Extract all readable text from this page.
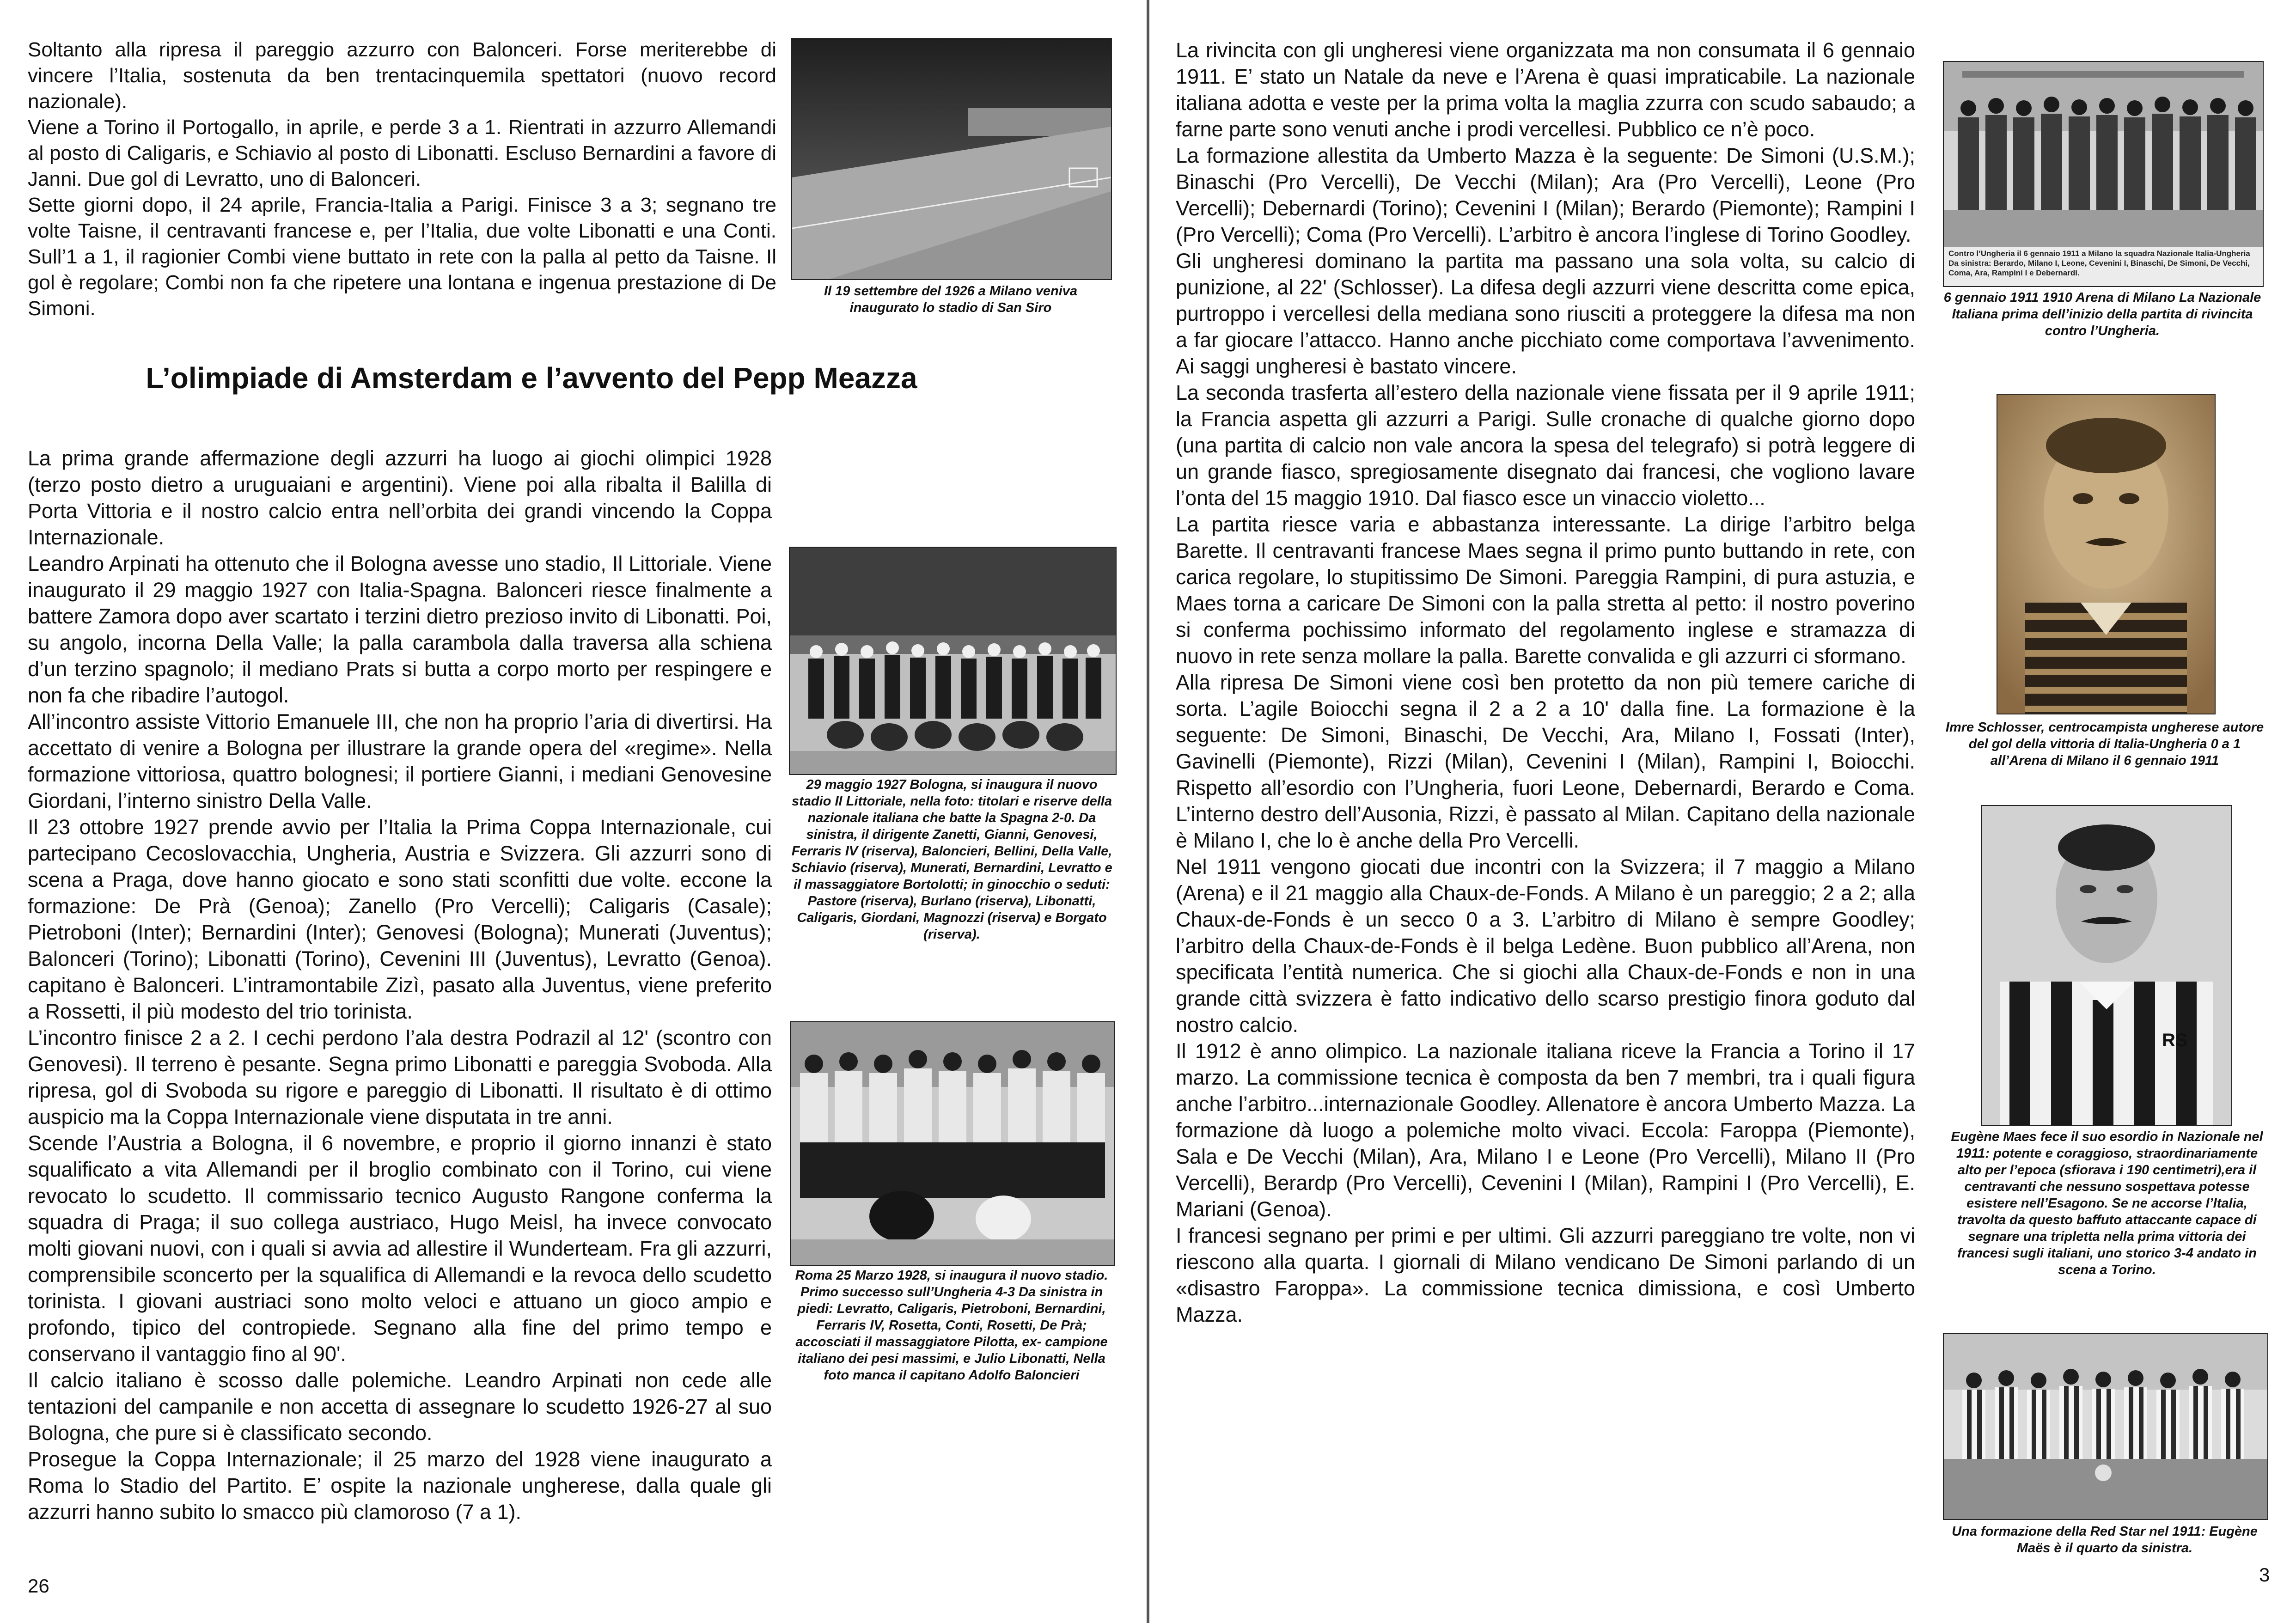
Soltanto alla ripresa il pareggio azzurro con Balonceri. Forse meriterebbe di vincere l’Italia, sostenuta da ben trentacinquemila spettatori (nuovo record nazionale).

Viene a Torino il Portogallo, in aprile, e perde 3 a 1. Rientrati in azzurro Allemandi al posto di Caligaris, e Schiavio al posto di Libonatti. Escluso Bernardini a favore di Janni. Due gol di Levratto, uno di Balonceri.

Sette giorni dopo, il 24 aprile, Francia-Italia a Parigi. Finisce 3 a 3; segnano tre volte Taisne, il centravanti francese e, per l’Italia, due volte Libonatti e una Conti. Sull’1 a 1, il ragionier Combi viene buttato in rete con la palla al petto da Taisne. Il gol è regolare; Combi non fa che ripetere una lontana e ingenua prestazione di De Simoni.

Il 19 settembre del 1926 a Milano veniva inaugurato lo stadio di San Siro

L’olimpiade di Amsterdam e l’avvento del Pepp Meazza

La prima grande affermazione degli azzurri ha luogo ai giochi olimpici 1928 (terzo posto dietro a uruguaiani e argentini). Viene poi alla ribalta il Balilla di Porta Vittoria e il nostro calcio entra nell’orbita dei grandi vincendo la Coppa Internazionale.

Leandro Arpinati ha ottenuto che il Bologna avesse uno stadio, Il Littoriale. Viene inaugurato il 29 maggio 1927 con Italia-Spagna. Balonceri riesce finalmente a battere Zamora dopo aver scartato i terzini dietro prezioso invito di Libonatti. Poi, su angolo, incorna Della Valle; la palla carambola dalla traversa alla schiena d’un terzino spagnolo; il mediano Prats si butta a corpo morto per respingere e non fa che ribadire l’autogol.

All’incontro assiste Vittorio Emanuele III, che non ha proprio l’aria di divertirsi. Ha accettato di venire a Bologna per illustrare la grande opera del «regime». Nella formazione vittoriosa, quattro bolognesi; il portiere Gianni, i mediani Genovesine Giordani, l’interno sinistro Della Valle.

Il 23 ottobre 1927 prende avvio per l’Italia la Prima Coppa Internazionale, cui partecipano Cecoslovacchia, Ungheria, Austria e Svizzera. Gli azzurri sono di scena a Praga, dove hanno giocato e sono stati sconfitti due volte. eccone la formazione: De Prà (Genoa); Zanello (Pro Vercelli); Caligaris (Casale); Pietroboni (Inter); Bernardini (Inter); Genovesi (Bologna); Munerati (Juventus); Balonceri (Torino); Libonatti (Torino), Cevenini III (Juventus), Levratto (Genoa). capitano è Balonceri. L’intramontabile Zizì, pasato alla Juventus, viene preferito a Rossetti, il più modesto del trio torinista.

L’incontro finisce 2 a 2. I cechi perdono l’ala destra Podrazil al 12' (scontro con Genovesi). Il terreno è pesante. Segna primo Libonatti e pareggia Svoboda. Alla ripresa, gol di Svoboda su rigore e pareggio di Libonatti. Il risultato è di ottimo auspicio ma la Coppa Internazionale viene disputata in tre anni.

Scende l’Austria a Bologna, il 6 novembre, e proprio il giorno innanzi è stato squalificato a vita Allemandi per il broglio combinato con il Torino, cui viene revocato lo scudetto. Il commissario tecnico Augusto Rangone conferma la squadra di Praga; il suo collega austriaco, Hugo Meisl, ha invece convocato molti giovani nuovi, con i quali si avvia ad allestire il Wunderteam. Fra gli azzurri, comprensibile sconcerto per la squalifica di Allemandi e la revoca dello scudetto torinista. I giovani austriaci sono molto veloci e attuano un gioco ampio e profondo, tipico del contropiede. Segnano alla fine del primo tempo e conservano il vantaggio fino al 90'.

Il calcio italiano è scosso dalle polemiche. Leandro Arpinati non cede alle tentazioni del campanile e non accetta di assegnare lo scudetto 1926-27 al suo Bologna, che pure si è classificato secondo.

Prosegue la Coppa Internazionale; il 25 marzo del 1928 viene inaugurato a Roma lo Stadio del Partito. E’ ospite la nazionale ungherese, dalla quale gli azzurri hanno subito lo smacco più clamoroso (7 a 1).

29 maggio 1927 Bologna, si inaugura il nuovo stadio Il Littoriale, nella foto: titolari e riserve della nazionale italiana che batte la Spagna 2-0. Da sinistra, il dirigente Zanetti, Gianni, Genovesi, Ferraris IV (riserva), Baloncieri, Bellini, Della Valle, Schiavio (riserva), Munerati, Bernardini, Levratto e il massaggiatore Bortolotti; in ginocchio o seduti: Pastore (riserva), Burlano (riserva), Libonatti, Caligaris, Giordani, Magnozzi (riserva) e Borgato (riserva).

Roma 25 Marzo 1928, si inaugura il nuovo stadio. Primo successo sull’Ungheria 4-3 Da sinistra in piedi: Levratto, Caligaris, Pietroboni, Bernardini, Ferraris IV, Rosetta, Conti, Rosetti, De Prà; accosciati il massaggiatore Pilotta, ex- campione italiano dei pesi massimi, e Julio Libonatti, Nella foto manca il capitano Adolfo Baloncieri

26

La rivincita con gli ungheresi viene organizzata ma non consumata il 6 gennaio 1911. E’ stato un Natale da neve e l’Arena è quasi impraticabile. La nazionale italiana adotta e veste per la prima volta la maglia zzurra con scudo sabaudo; a farne parte sono venuti anche i prodi vercellesi. Pubblico ce n’è poco.

La formazione allestita da Umberto Mazza è la seguente: De Simoni (U.S.M.); Binaschi (Pro Vercelli), De Vecchi (Milan); Ara (Pro Vercelli), Leone (Pro Vercelli); Debernardi (Torino); Cevenini I (Milan); Berardo (Piemonte); Rampini I (Pro Vercelli); Coma (Pro Vercelli). L’arbitro è ancora l’inglese di Torino Goodley.

Gli ungheresi dominano la partita ma passano una sola volta, su calcio di punizione, al 22' (Schlosser). La difesa degli azzurri viene descritta come epica, purtroppo i vercellesi della mediana sono riusciti a proteggere la difesa ma non a far giocare l’attacco. Hanno anche picchiato come comportava l’avvenimento. Ai saggi ungheresi è bastato vincere.

La seconda trasferta all’estero della nazionale viene fissata per il 9 aprile 1911; la Francia aspetta gli azzurri a Parigi. Sulle cronache di qualche giorno dopo (una partita di calcio non vale ancora la spesa del telegrafo) si potrà leggere di un grande fiasco, spregiosamente disegnato dai francesi, che vogliono lavare l’onta del 15 maggio 1910. Dal fiasco esce un vinaccio violetto...

La partita riesce varia e abbastanza interessante. La dirige l’arbitro belga Barette. Il centravanti francese Maes segna il primo punto buttando in rete, con carica regolare, lo stupitissimo De Simoni. Pareggia Rampini, di pura astuzia, e Maes torna a caricare De Simoni con la palla stretta al petto: il nostro poverino si conferma pochissimo informato del regolamento inglese e stramazza di nuovo in rete senza mollare la palla. Barette convalida e gli azzurri ci sformano.

Alla ripresa De Simoni viene così ben protetto da non più temere cariche di sorta. L’agile Boiocchi segna il 2 a 2 a 10' dalla fine. La formazione è la seguente: De Simoni, Binaschi, De Vecchi, Ara, Milano I, Fossati (Inter), Gavinelli (Piemonte), Rizzi (Milan), Cevenini I (Milan), Rampini I, Boiocchi. Rispetto all’esordio con l’Ungheria, fuori Leone, Debernardi, Berardo e Coma. L’interno destro dell’Ausonia, Rizzi, è passato al Milan. Capitano della nazionale è Milano I, che lo è anche della Pro Vercelli.

Nel 1911 vengono giocati due incontri con la Svizzera; il 7 maggio a Milano (Arena) e il 21 maggio alla Chaux-de-Fonds. A Milano è un pareggio; 2 a 2; alla Chaux-de-Fonds è un secco 0 a 3. L’arbitro di Milano è sempre Goodley; l’arbitro della Chaux-de-Fonds è il belga Ledène. Buon pubblico all’Arena, non specificata l’entità numerica. Che si giochi alla Chaux-de-Fonds e non in una grande città svizzera è fatto indicativo dello scarso prestigio finora goduto dal nostro calcio.

Il 1912 è anno olimpico. La nazionale italiana riceve la Francia a Torino il 17 marzo. La commissione tecnica è composta da ben 7 membri, tra i quali figura anche l’arbitro...internazionale Goodley. Allenatore è ancora Umberto Mazza. La formazione dà luogo a polemiche molto vivaci. Eccola: Faroppa (Piemonte), Sala e De Vecchi (Milan), Ara, Milano I e Leone (Pro Vercelli), Milano II (Pro Vercelli), Berardp (Pro Vercelli), Cevenini I (Milan), Rampini I (Pro Vercelli), E. Mariani (Genoa).

I francesi segnano per primi e per ultimi. Gli azzurri pareggiano tre volte, non vi riescono alla quarta. I giornali di Milano vendicano De Simoni parlando di un «disastro Faroppa». La commissione tecnica dimissiona, e così Umberto Mazza.

Contro l’Ungheria il 6 gennaio 1911 a Milano la squadra Nazionale Italia-Ungheria Da sinistra: Berardo, Milano I, Leone, Cevenini I, Binaschi, De Simoni, De Vecchi, Coma, Ara, Rampini I e Debernardi.

6 gennaio 1911 1910 Arena di Milano La Nazionale Italiana prima dell’inizio della partita di rivincita contro l’Ungheria.

Imre Schlosser, centrocampista ungherese autore del gol della vittoria di Italia-Ungheria 0 a 1 all’Arena di Milano il 6 gennaio 1911

RS

Eugène Maes fece il suo esordio in Nazionale nel 1911: potente e coraggioso, straordinariamente alto per l’epoca (sfiorava i 190 centimetri),era il centravanti che nessuno sospettava potesse esistere nell’Esagono. Se ne accorse l’Italia, travolta da questo baffuto attaccante capace di segnare una tripletta nella prima vittoria dei francesi sugli italiani, uno storico 3-4 andato in scena a Torino.

Una formazione della Red Star nel 1911: Eugène Maës è il quarto da sinistra.

3
